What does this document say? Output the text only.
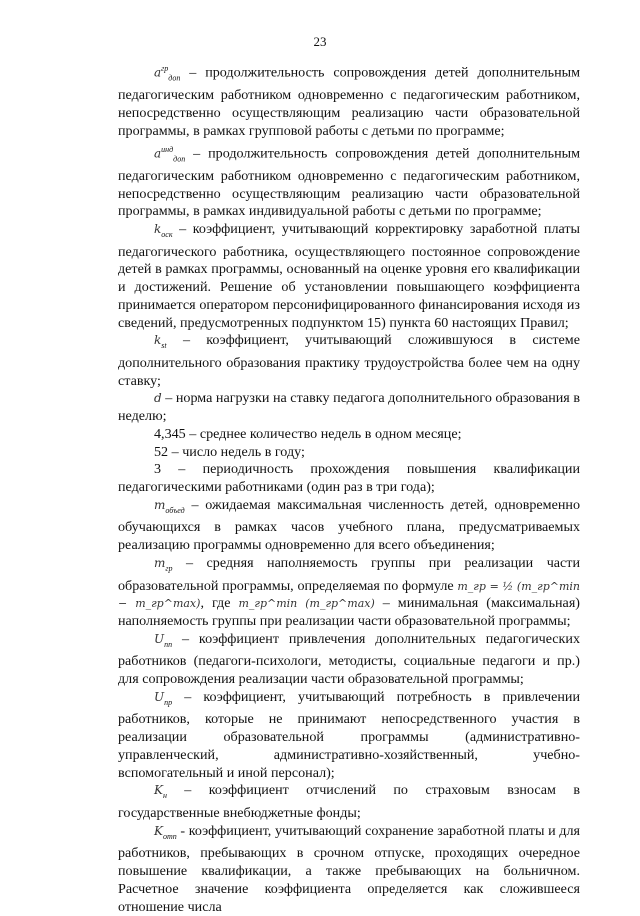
23

$a^{гр}_{доп}$ – продолжительность сопровождения детей дополнительным педагогическим работником одновременно с педагогическим работником, непосредственно осуществляющим реализацию части образовательной программы, в рамках групповой работы с детьми по программе;

$a^{инд}_{доп}$ – продолжительность сопровождения детей дополнительным педагогическим работником одновременно с педагогическим работником, непосредственно осуществляющим реализацию части образовательной программы, в рамках индивидуальной работы с детьми по программе;

$k_{оск}$ – коэффициент, учитывающий корректировку заработной платы педагогического работника, осуществляющего постоянное сопровождение детей в рамках программы, основанный на оценке уровня его квалификации и достижений. Решение об установлении повышающего коэффициента принимается оператором персонифицированного финансирования исходя из сведений, предусмотренных подпунктом 15) пункта 60 настоящих Правил;

$k_{st}$ – коэффициент, учитывающий сложившуюся в системе дополнительного образования практику трудоустройства более чем на одну ставку;

d – норма нагрузки на ставку педагога дополнительного образования в неделю;

4,345 – среднее количество недель в одном месяце;

52 – число недель в году;

3 – периодичность прохождения повышения квалификации педагогическими работниками (один раз в три года);

$m_{объед}$ – ожидаемая максимальная численность детей, одновременно обучающихся в рамках часов учебного плана, предусматриваемых реализацию программы одновременно для всего объединения;

$m_{гр}$ – средняя наполняемость группы при реализации части образовательной программы, определяемая по формуле m_гр = ½ (m_гр^min − m_гр^max), где m_гр^min (m_гр^max) – минимальная (максимальная) наполняемость группы при реализации части образовательной программы;

$U_{пп}$ – коэффициент привлечения дополнительных педагогических работников (педагоги-психологи, методисты, социальные педагоги и пр.) для сопровождения реализации части образовательной программы;

$U_{пр}$ – коэффициент, учитывающий потребность в привлечении работников, которые не принимают непосредственного участия в реализации образовательной программы (административно-управленческий, административно-хозяйственный, учебно-вспомогательный и иной персонал);

$K_н$ – коэффициент отчислений по страховым взносам в государственные внебюджетные фонды;

$K_{отп}$ - коэффициент, учитывающий сохранение заработной платы и для работников, пребывающих в срочном отпуске, проходящих очередное повышение квалификации, а также пребывающих на больничном. Расчетное значение коэффициента определяется как сложившееся отношение числа
